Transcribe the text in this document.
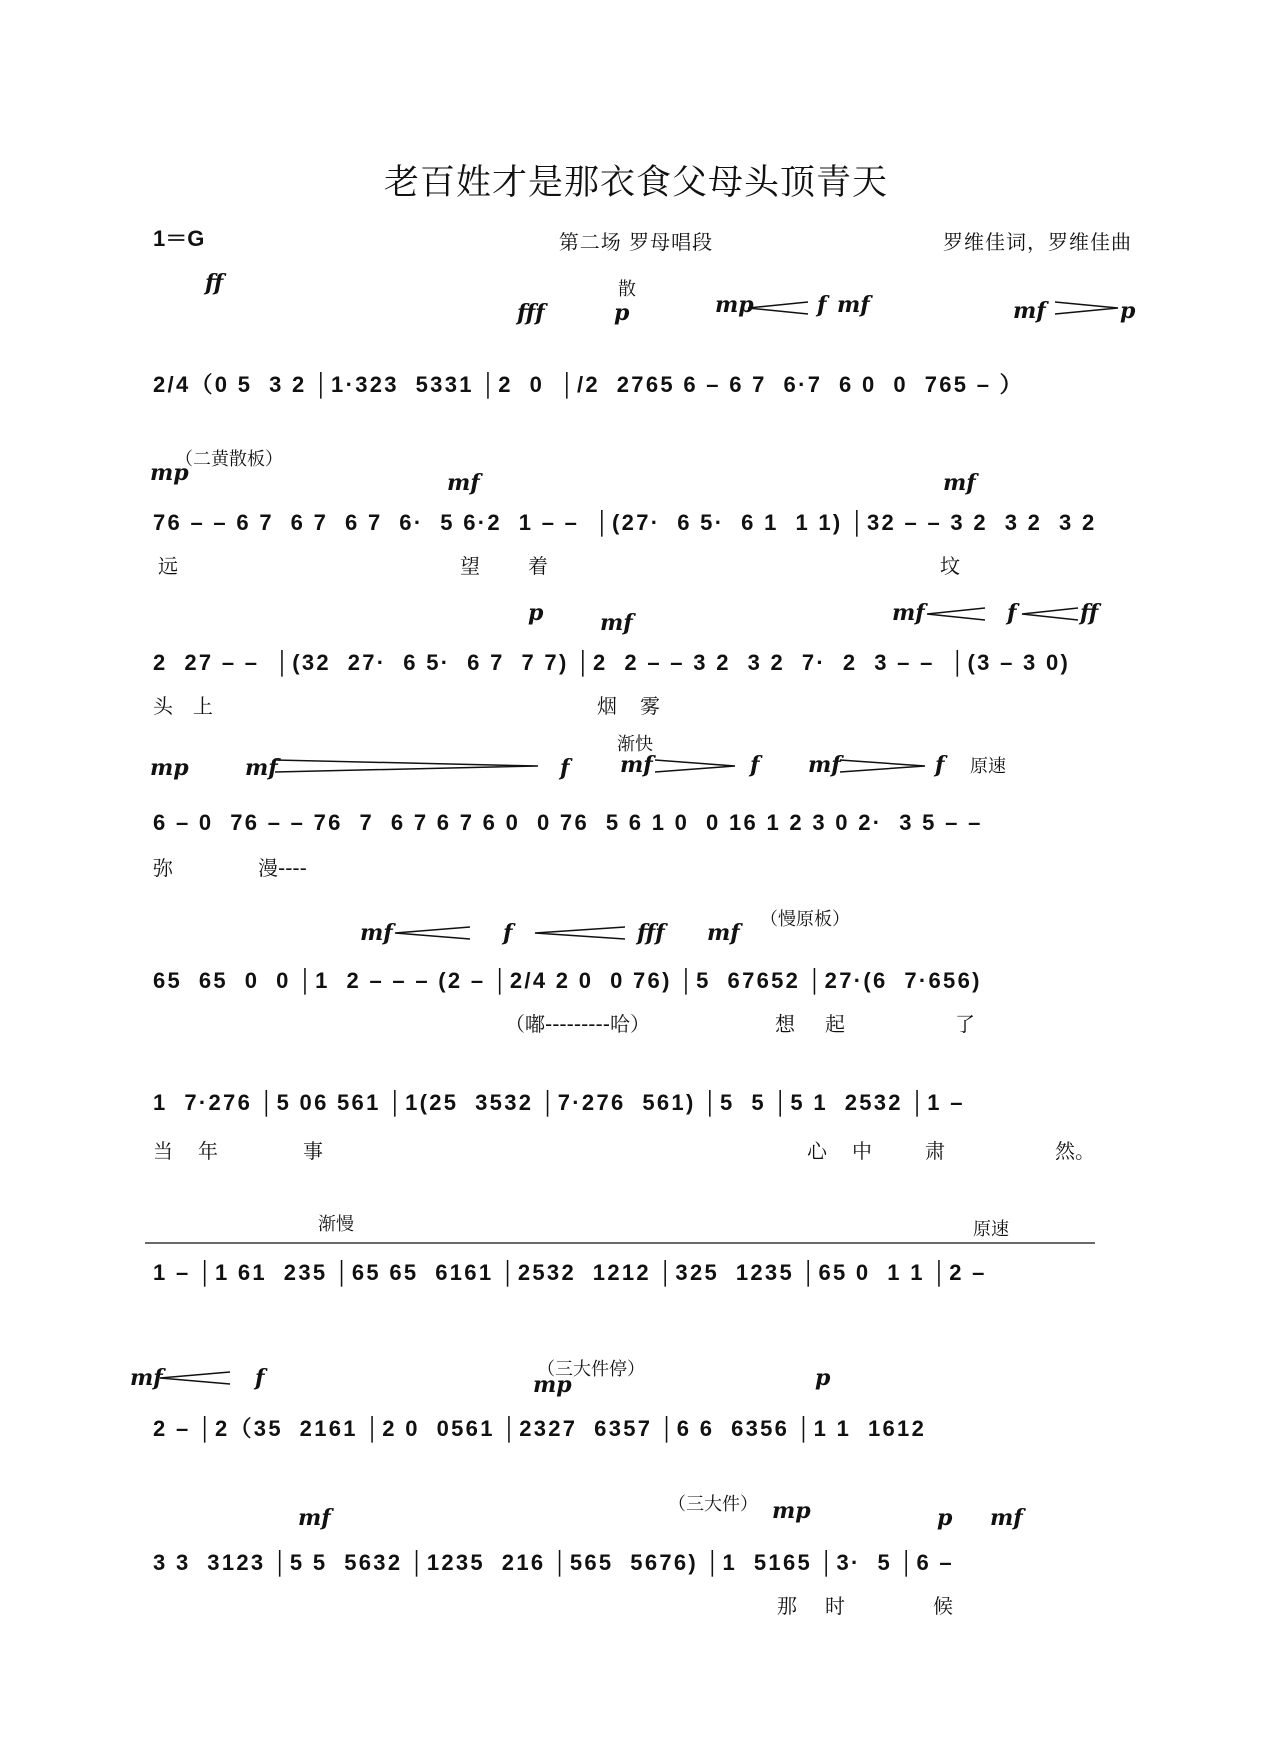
老百姓才是那衣食父母头顶青天
1＝G	第二场 罗母唱段	罗维佳词，罗维佳曲
ff	散
fff	p	mp	f mf	mf	p
2/4（0 5  3 2 │1·323  5331 │2  0  │/2  2765 6 – 6 7  6·7  6 0  0  765 – ）
（二黄散板）
mp	mf	mf
76 – – 6 7  6 7  6 7  6·  5 6·2  1 – –  │(27·  6 5·  6 1  1 1) │32 – – 3 2  3 2  3 2
远	望 着	坟
p	mf	mf	f	ff
2  27 – –  │(32  27·  6 5·  6 7  7 7) │2  2 – – 3 2  3 2  7·  2  3 – –  │(3 – 3 0)
头 上	烟 雾
渐快
原速
mp	mf	f mf	f mf	f
6 – 0  76 – – 76  7  6 7 6 7 6 0  0 76  5 6 1 0  0 16 1 2 3 0 2·  3 5 – –
弥	漫----
（慢原板）
mf	f	fff mf
65  65  0  0 │1  2 – – – (2 – │2/4 2 0  0 76) │5  67652 │27·(6  7·656)
（嘟---------哈）	想 起	了
1  7·276 │5 06 561 │1(25  3532 │7·276  561) │5  5 │5 1  2532 │1 –
当 年	事	心 中	肃	然。
渐慢	原速
1 – │1 61  235 │65 65  6161 │2532  1212 │325  1235 │65 0  1 1 │2 –
（三大件停）
mf	f	mp	p
2 – │2（35  2161 │2 0  0561 │2327  6357 │6 6  6356 │1 1  1612
（三大件）
mf	mp	p mf
3 3  3123 │5 5  5632 │1235  216 │565  5676) │1  5165 │3·  5 │6 –
那 时	候
